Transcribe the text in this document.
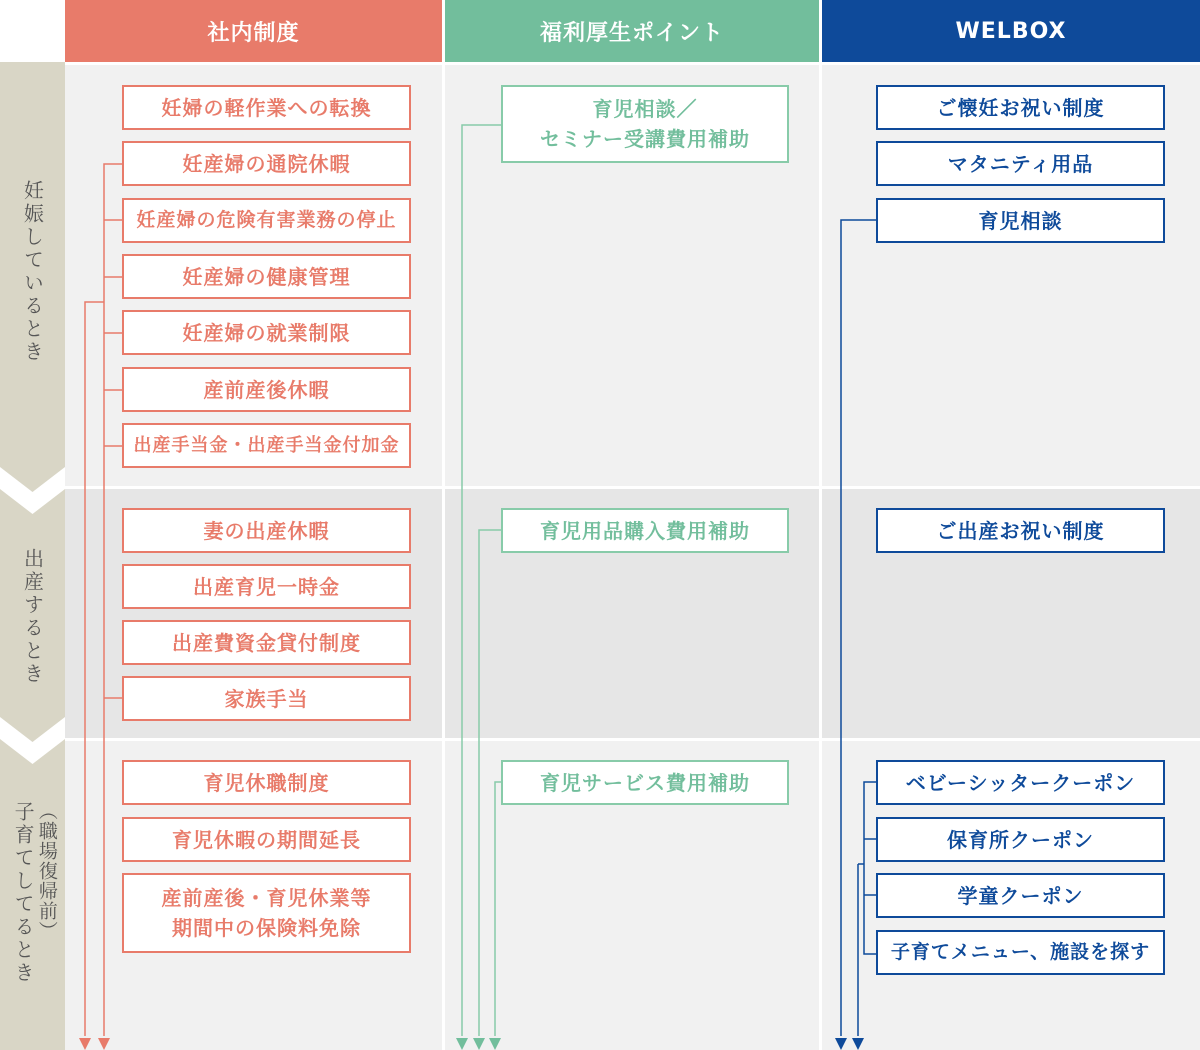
社内制度	福利厚生ポイント	WELBOX
妊娠しているとき
出産するとき
子育てしてるとき （職場復帰前）
妊婦の軽作業への転換
妊産婦の通院休暇
妊産婦の危険有害業務の停止
妊産婦の健康管理
妊産婦の就業制限
産前産後休暇
出産手当金・出産手当金付加金
妻の出産休暇
出産育児一時金
出産費資金貸付制度
家族手当
育児休職制度
育児休暇の期間延長
産前産後・育児休業等
期間中の保険料免除
育児相談／
セミナー受講費用補助
育児用品購入費用補助
育児サービス費用補助
ご懐妊お祝い制度
マタニティ用品
育児相談
ご出産お祝い制度
ベビーシッタークーポン
保育所クーポン
学童クーポン
子育てメニュー、施設を探す
